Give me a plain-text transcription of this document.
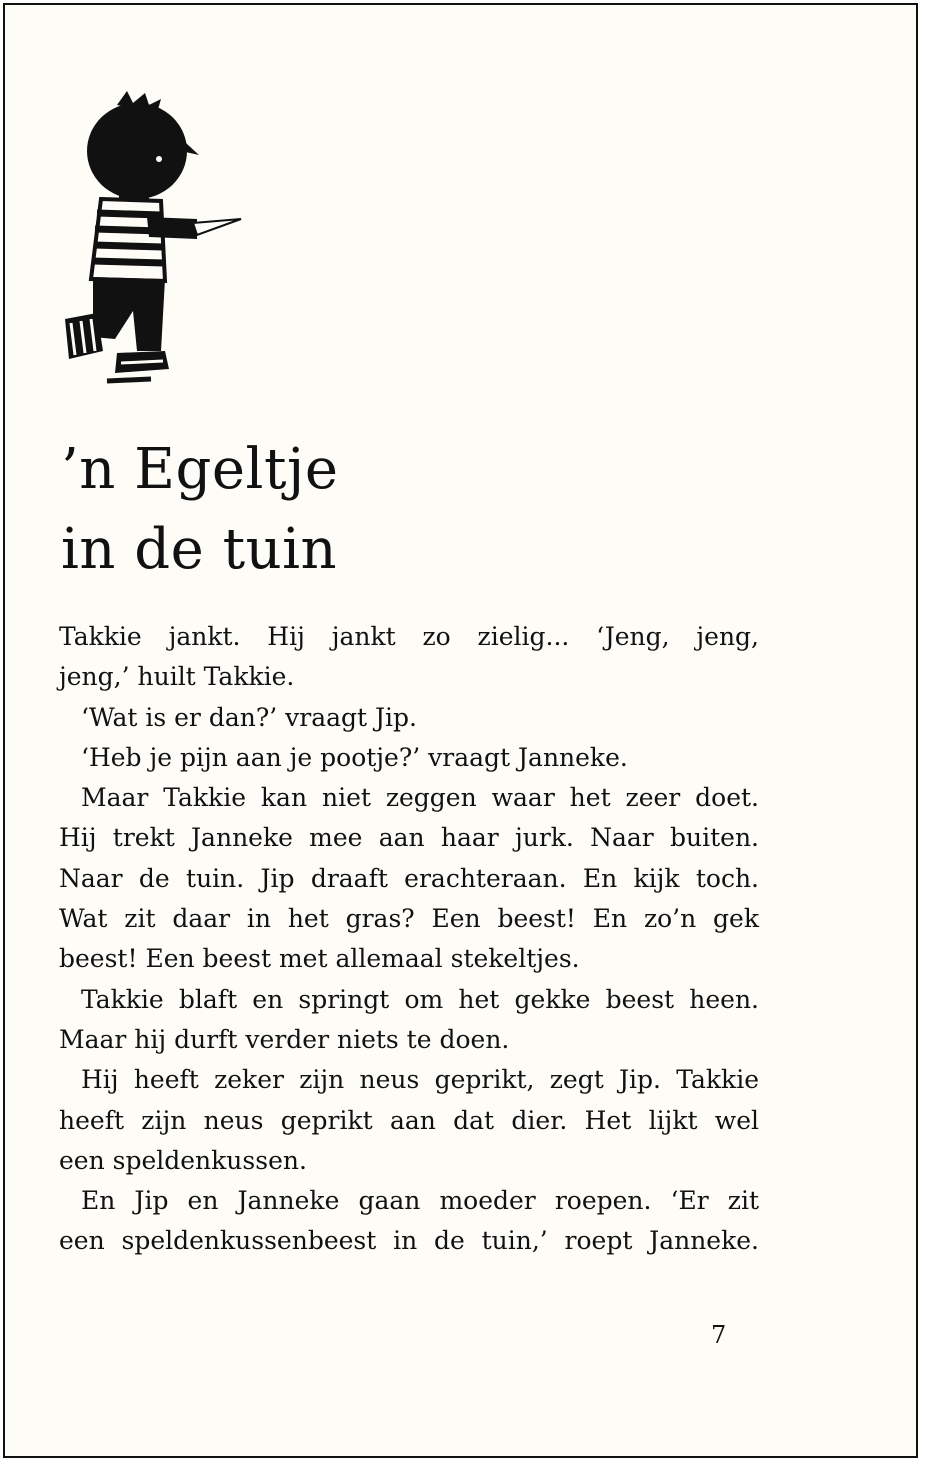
’n Egeltje
in de tuin
Takkie jankt. Hij jankt zo zielig... ‘Jeng, jeng,
jeng,’ huilt Takkie.
‘Wat is er dan?’ vraagt Jip.
‘Heb je pijn aan je pootje?’ vraagt Janneke.
Maar Takkie kan niet zeggen waar het zeer doet.
Hij trekt Janneke mee aan haar jurk. Naar buiten.
Naar de tuin. Jip draaft erachteraan. En kijk toch.
Wat zit daar in het gras? Een beest! En zo’n gek
beest! Een beest met allemaal stekeltjes.
Takkie blaft en springt om het gekke beest heen.
Maar hij durft verder niets te doen.
Hij heeft zeker zijn neus geprikt, zegt Jip. Takkie
heeft zijn neus geprikt aan dat dier. Het lijkt wel
een speldenkussen.
En Jip en Janneke gaan moeder roepen. ‘Er zit
een speldenkussenbeest in de tuin,’ roept Janneke.
7
